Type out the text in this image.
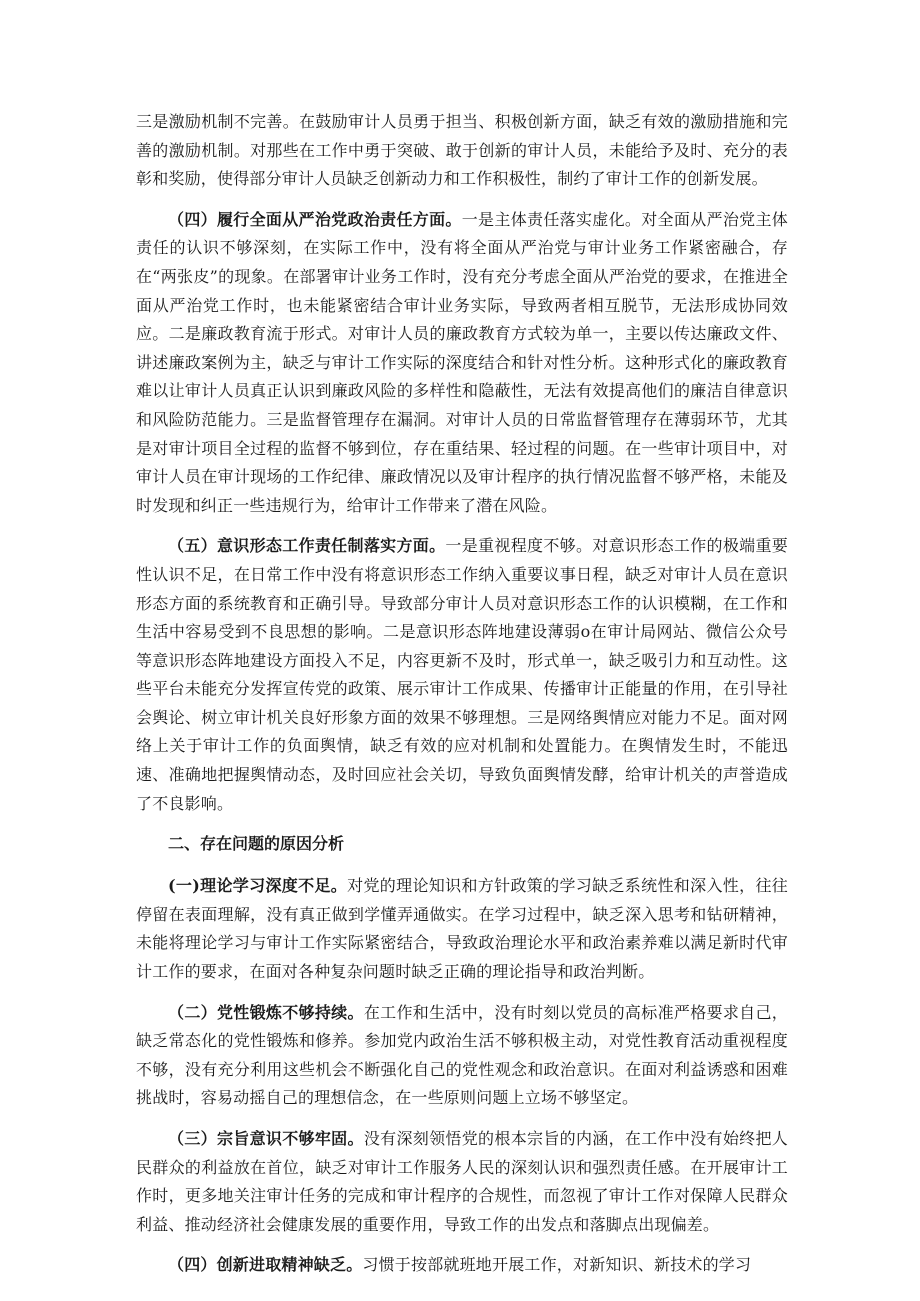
三是激励机制不完善。在鼓励审计人员勇于担当、积极创新方面，缺乏有效的激励措施和完善的激励机制。对那些在工作中勇于突破、敢于创新的审计人员，未能给予及时、充分的表彰和奖励，使得部分审计人员缺乏创新动力和工作积极性，制约了审计工作的创新发展。

（四）履行全面从严治党政治责任方面。一是主体责任落实虚化。对全面从严治党主体责任的认识不够深刻，在实际工作中，没有将全面从严治党与审计业务工作紧密融合，存在“两张皮”的现象。在部署审计业务工作时，没有充分考虑全面从严治党的要求，在推进全面从严治党工作时，也未能紧密结合审计业务实际，导致两者相互脱节，无法形成协同效应。二是廉政教育流于形式。对审计人员的廉政教育方式较为单一，主要以传达廉政文件、讲述廉政案例为主，缺乏与审计工作实际的深度结合和针对性分析。这种形式化的廉政教育难以让审计人员真正认识到廉政风险的多样性和隐蔽性，无法有效提高他们的廉洁自律意识和风险防范能力。三是监督管理存在漏洞。对审计人员的日常监督管理存在薄弱环节，尤其是对审计项目全过程的监督不够到位，存在重结果、轻过程的问题。在一些审计项目中，对审计人员在审计现场的工作纪律、廉政情况以及审计程序的执行情况监督不够严格，未能及时发现和纠正一些违规行为，给审计工作带来了潜在风险。

（五）意识形态工作责任制落实方面。一是重视程度不够。对意识形态工作的极端重要性认识不足，在日常工作中没有将意识形态工作纳入重要议事日程，缺乏对审计人员在意识形态方面的系统教育和正确引导。导致部分审计人员对意识形态工作的认识模糊，在工作和生活中容易受到不良思想的影响。二是意识形态阵地建设薄弱o在审计局网站、微信公众号等意识形态阵地建设方面投入不足，内容更新不及时，形式单一，缺乏吸引力和互动性。这些平台未能充分发挥宣传党的政策、展示审计工作成果、传播审计正能量的作用，在引导社会舆论、树立审计机关良好形象方面的效果不够理想。三是网络舆情应对能力不足。面对网络上关于审计工作的负面舆情，缺乏有效的应对机制和处置能力。在舆情发生时，不能迅速、准确地把握舆情动态，及时回应社会关切，导致负面舆情发酵，给审计机关的声誉造成了不良影响。

二、存在问题的原因分析

(一)理论学习深度不足。对党的理论知识和方针政策的学习缺乏系统性和深入性，往往停留在表面理解，没有真正做到学懂弄通做实。在学习过程中，缺乏深入思考和钻研精神，未能将理论学习与审计工作实际紧密结合，导致政治理论水平和政治素养难以满足新时代审计工作的要求，在面对各种复杂问题时缺乏正确的理论指导和政治判断。

（二）党性锻炼不够持续。在工作和生活中，没有时刻以党员的高标准严格要求自己，缺乏常态化的党性锻炼和修养。参加党内政治生活不够积极主动，对党性教育活动重视程度不够，没有充分利用这些机会不断强化自己的党性观念和政治意识。在面对利益诱惑和困难挑战时，容易动摇自己的理想信念，在一些原则问题上立场不够坚定。

（三）宗旨意识不够牢固。没有深刻领悟党的根本宗旨的内涵，在工作中没有始终把人民群众的利益放在首位，缺乏对审计工作服务人民的深刻认识和强烈责任感。在开展审计工作时，更多地关注审计任务的完成和审计程序的合规性，而忽视了审计工作对保障人民群众利益、推动经济社会健康发展的重要作用，导致工作的出发点和落脚点出现偏差。

（四）创新进取精神缺乏。习惯于按部就班地开展工作，对新知识、新技术的学习
